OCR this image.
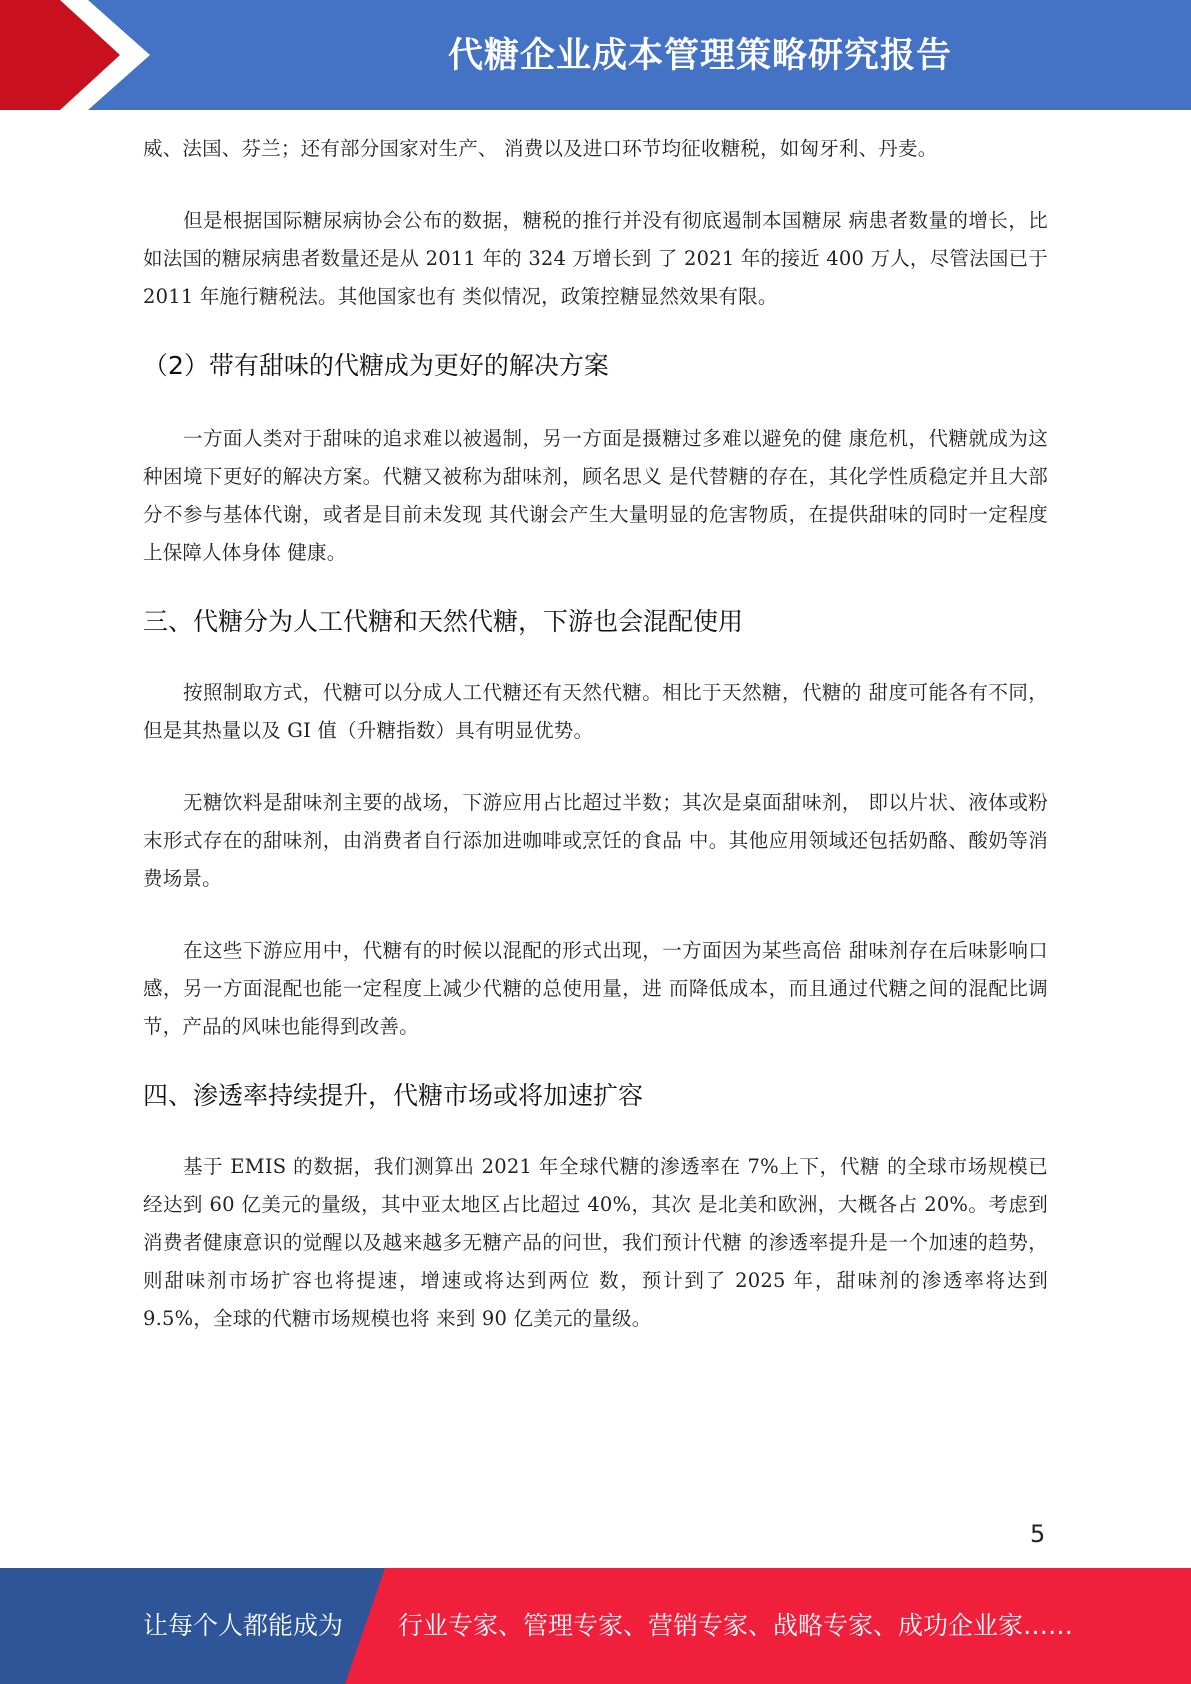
代糖企业成本管理策略研究报告

威、法国、芬兰；还有部分国家对生产、 消费以及进口环节均征收糖税，如匈牙利、丹麦。

但是根据国际糖尿病协会公布的数据，糖税的推行并没有彻底遏制本国糖尿 病患者数量的增长，比如法国的糖尿病患者数量还是从 2011 年的 324 万增长到 了 2021 年的接近 400 万人，尽管法国已于 2011 年施行糖税法。其他国家也有 类似情况，政策控糖显然效果有限。

（2）带有甜味的代糖成为更好的解决方案

一方面人类对于甜味的追求难以被遏制，另一方面是摄糖过多难以避免的健 康危机，代糖就成为这种困境下更好的解决方案。代糖又被称为甜味剂，顾名思义 是代替糖的存在，其化学性质稳定并且大部分不参与基体代谢，或者是目前未发现 其代谢会产生大量明显的危害物质，在提供甜味的同时一定程度上保障人体身体 健康。

三、代糖分为人工代糖和天然代糖，下游也会混配使用

按照制取方式，代糖可以分成人工代糖还有天然代糖。相比于天然糖，代糖的 甜度可能各有不同，但是其热量以及 GI 值（升糖指数）具有明显优势。

无糖饮料是甜味剂主要的战场，下游应用占比超过半数；其次是桌面甜味剂， 即以片状、液体或粉末形式存在的甜味剂，由消费者自行添加进咖啡或烹饪的食品 中。其他应用领域还包括奶酪、酸奶等消费场景。

在这些下游应用中，代糖有的时候以混配的形式出现，一方面因为某些高倍 甜味剂存在后味影响口感，另一方面混配也能一定程度上减少代糖的总使用量，进 而降低成本，而且通过代糖之间的混配比调节，产品的风味也能得到改善。

四、渗透率持续提升，代糖市场或将加速扩容

基于 EMIS 的数据，我们测算出 2021 年全球代糖的渗透率在 7%上下，代糖 的全球市场规模已经达到 60 亿美元的量级，其中亚太地区占比超过 40%，其次 是北美和欧洲，大概各占 20%。考虑到消费者健康意识的觉醒以及越来越多无糖产品的问世，我们预计代糖 的渗透率提升是一个加速的趋势，则甜味剂市场扩容也将提速，增速或将达到两位 数，预计到了 2025 年，甜味剂的渗透率将达到 9.5%，全球的代糖市场规模也将 来到 90 亿美元的量级。

5
让每个人都能成为 行业专家、管理专家、营销专家、战略专家、成功企业家……
